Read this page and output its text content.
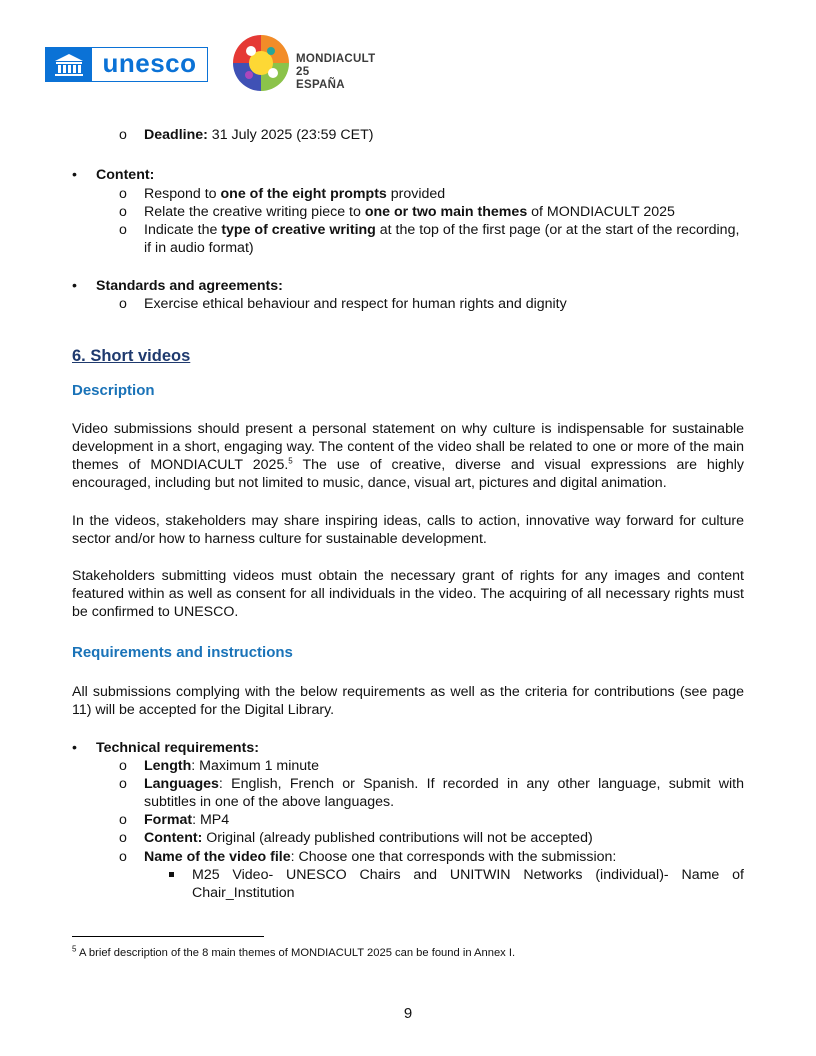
unesco	MONDIACULT 25
ESPAÑA
o Deadline: 31 July 2025 (23:59 CET)
• Content:
o Respond to one of the eight prompts provided
o Relate the creative writing piece to one or two main themes of MONDIACULT 2025
o Indicate the type of creative writing at the top of the first page (or at the start of the recording,
if in audio format)
• Standards and agreements:
o Exercise ethical behaviour and respect for human rights and dignity
6. Short videos
Description
Video submissions should present a personal statement on why culture is indispensable for sustainable development in a short, engaging way. The content of the video shall be related to one or more of the main themes of MONDIACULT 2025.$^5$ The use of creative, diverse and visual expressions are highly encouraged, including but not limited to music, dance, visual art, pictures and digital animation.
In the videos, stakeholders may share inspiring ideas, calls to action, innovative way forward for culture sector and/or how to harness culture for sustainable development.
Stakeholders submitting videos must obtain the necessary grant of rights for any images and content featured within as well as consent for all individuals in the video. The acquiring of all necessary rights must be confirmed to UNESCO.
Requirements and instructions
All submissions complying with the below requirements as well as the criteria for contributions (see page 11) will be accepted for the Digital Library.
• Technical requirements:
o Length: Maximum 1 minute
o Languages: English, French or Spanish. If recorded in any other language, submit with subtitles in one of the above languages.
o Format: MP4
o Content: Original (already published contributions will not be accepted)
o Name of the video file: Choose one that corresponds with the submission:
M25 Video- UNESCO Chairs and UNITWIN Networks (individual)- Name of Chair_Institution
$^5$ A brief description of the 8 main themes of MONDIACULT 2025 can be found in Annex I.
9
